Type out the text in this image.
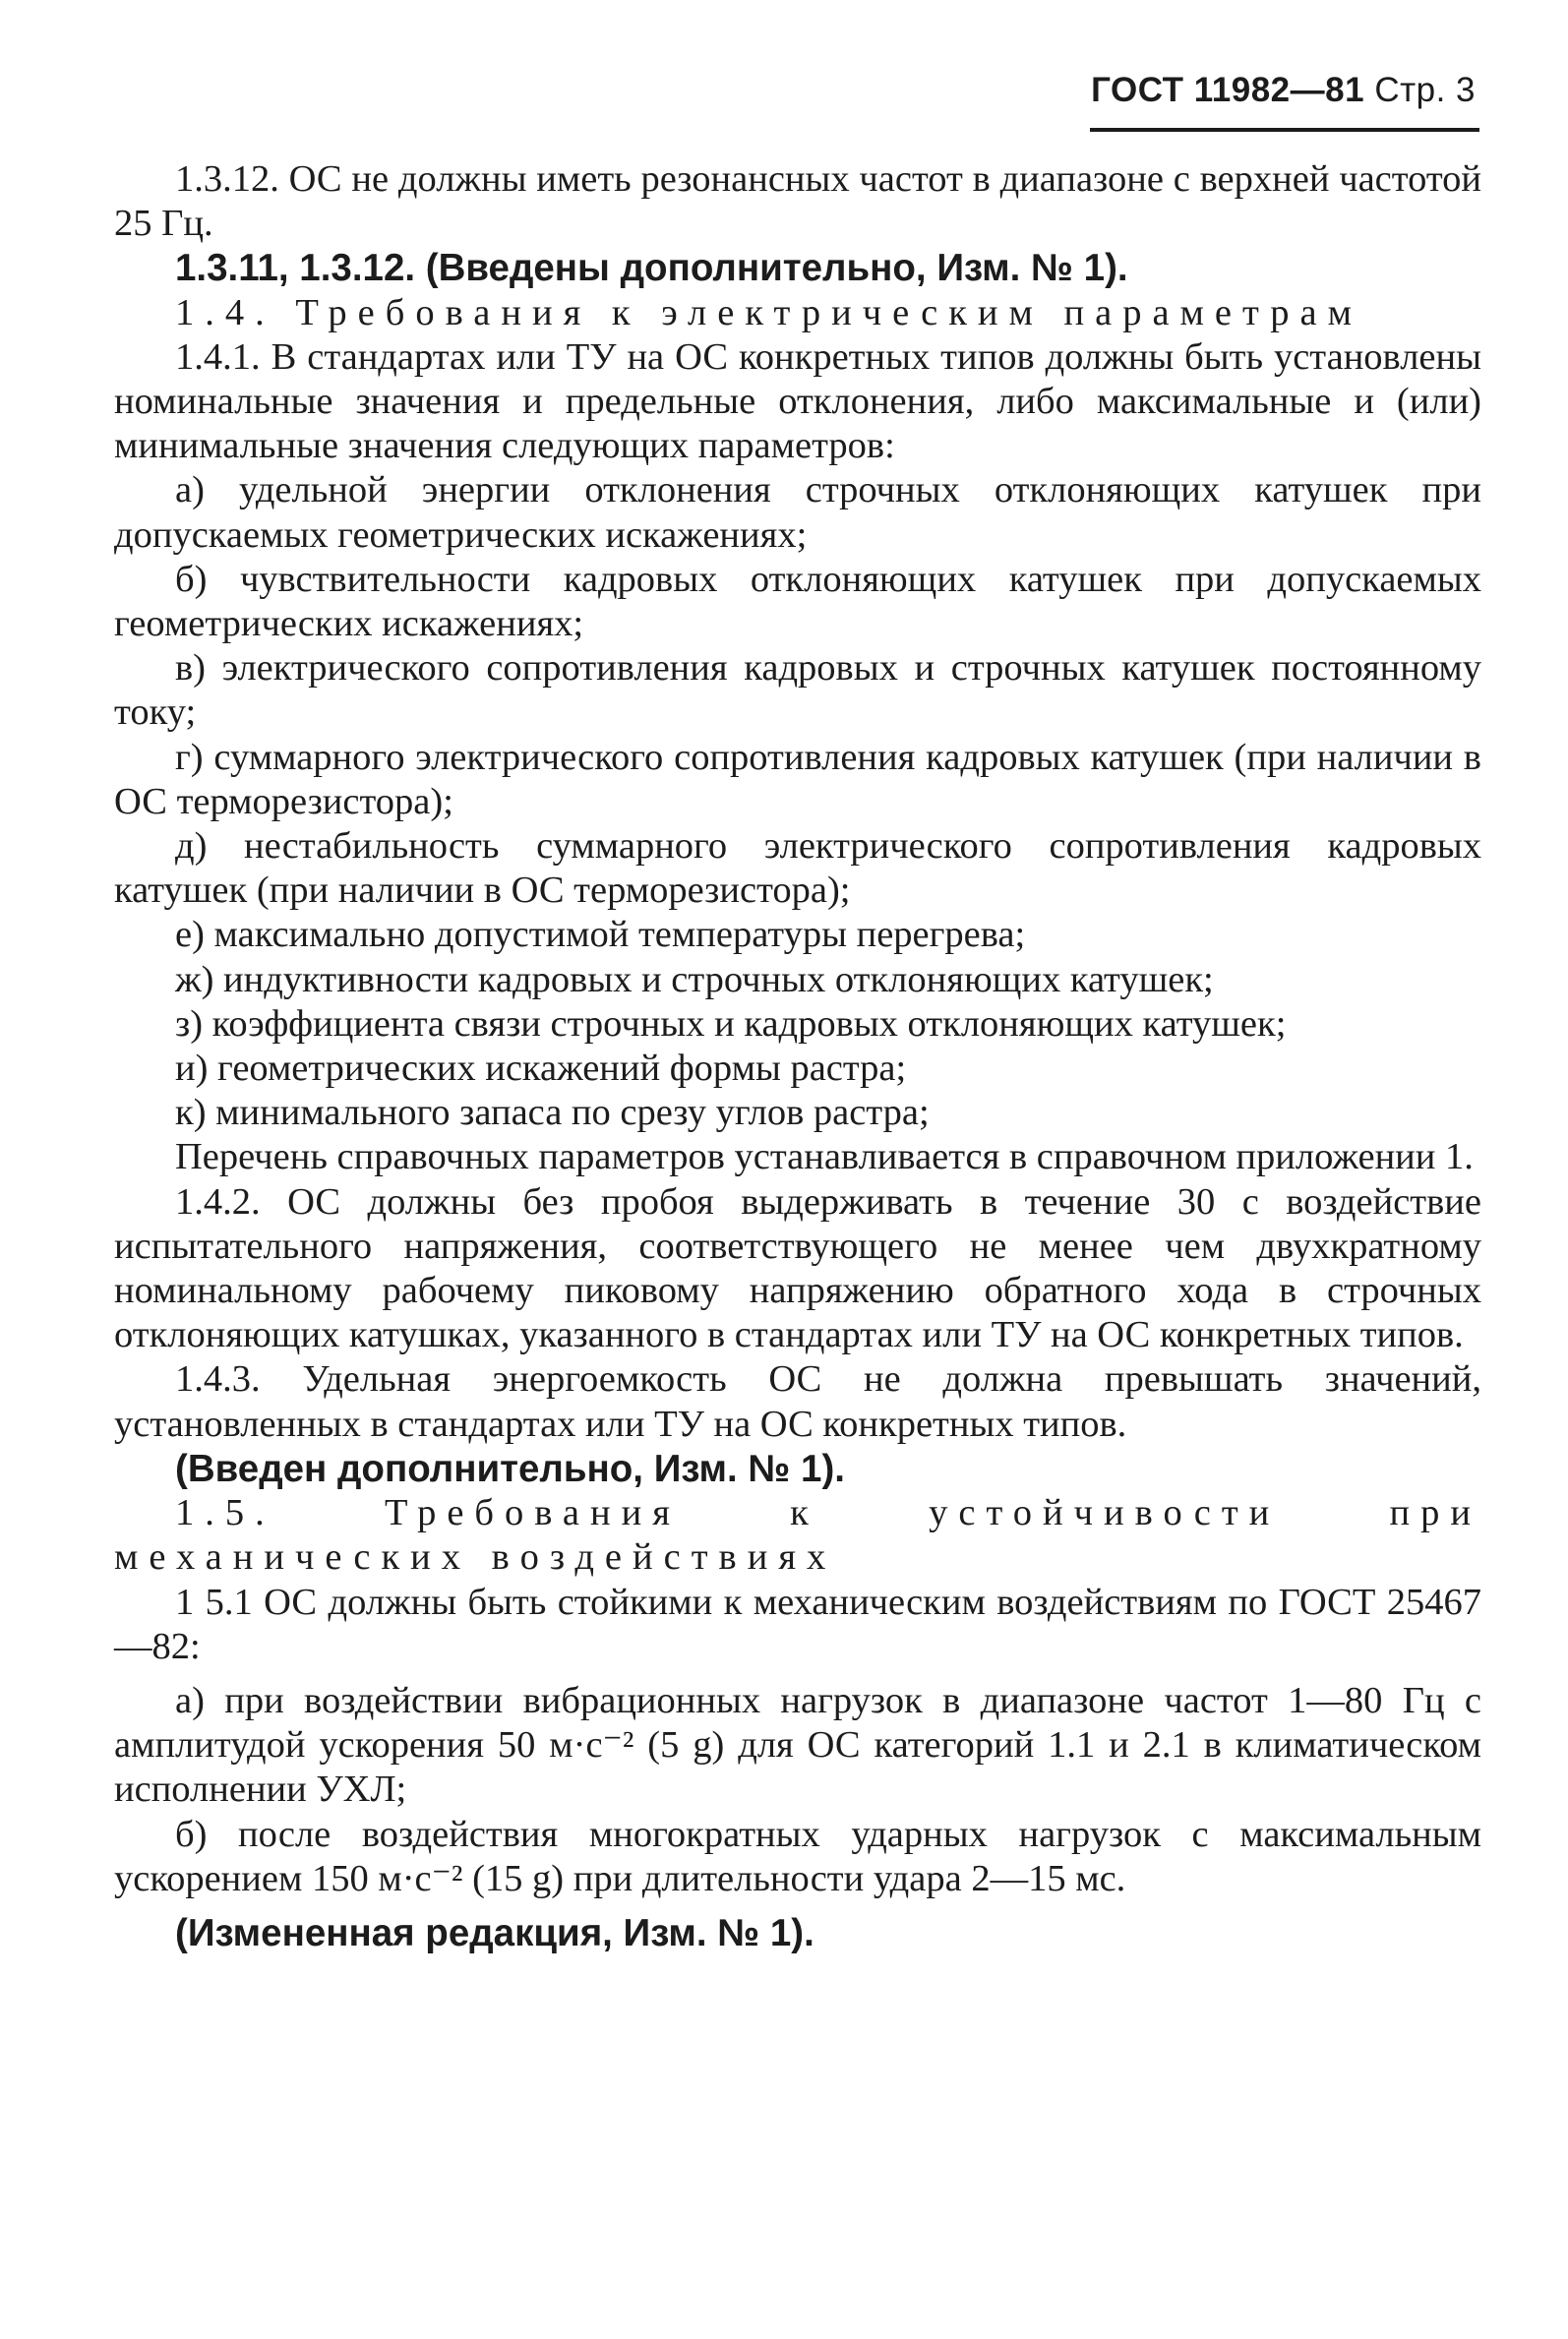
ГОСТ 11982—81 Стр. 3

1.3.12. ОС не должны иметь резонансных частот в диапазоне с верхней частотой 25 Гц.

1.3.11, 1.3.12. (Введены дополнительно, Изм. № 1).

1.4. Требования к электрическим параметрам

1.4.1. В стандартах или ТУ на ОС конкретных типов должны быть установлены номинальные значения и предельные отклонения, либо максимальные и (или) минимальные значения следующих параметров:

а) удельной энергии отклонения строчных отклоняющих катушек при допускаемых геометрических искажениях;

б) чувствительности кадровых отклоняющих катушек при допускаемых геометрических искажениях;

в) электрического сопротивления кадровых и строчных катушек постоянному току;

г) суммарного электрического сопротивления кадровых катушек (при наличии в ОС терморезистора);

д) нестабильность суммарного электрического сопротивления кадровых катушек (при наличии в ОС терморезистора);

е) максимально допустимой температуры перегрева;

ж) индуктивности кадровых и строчных отклоняющих катушек;

з) коэффициента связи строчных и кадровых отклоняющих катушек;

и) геометрических искажений формы растра;

к) минимального запаса по срезу углов растра;

Перечень справочных параметров устанавливается в справочном приложении 1.

1.4.2. ОС должны без пробоя выдерживать в течение 30 с воздействие испытательного напряжения, соответствующего не менее чем двухкратному номинальному рабочему пиковому напряжению обратного хода в строчных отклоняющих катушках, указанного в стандартах или ТУ на ОС конкретных типов.

1.4.3. Удельная энергоемкость ОС не должна превышать значений, установленных в стандартах или ТУ на ОС конкретных типов.

(Введен дополнительно, Изм. № 1).

1.5. Требования к устойчивости при механических воздействиях

1 5.1 ОС должны быть стойкими к механическим воздействиям по ГОСТ 25467—82:

а) при воздействии вибрационных нагрузок в диапазоне частот 1—80 Гц с амплитудой ускорения 50 м·с⁻² (5 g) для ОС категорий 1.1 и 2.1 в климатическом исполнении УХЛ;

б) после воздействия многократных ударных нагрузок с максимальным ускорением 150 м·с⁻² (15 g) при длительности удара 2—15 мс.

(Измененная редакция, Изм. № 1).
